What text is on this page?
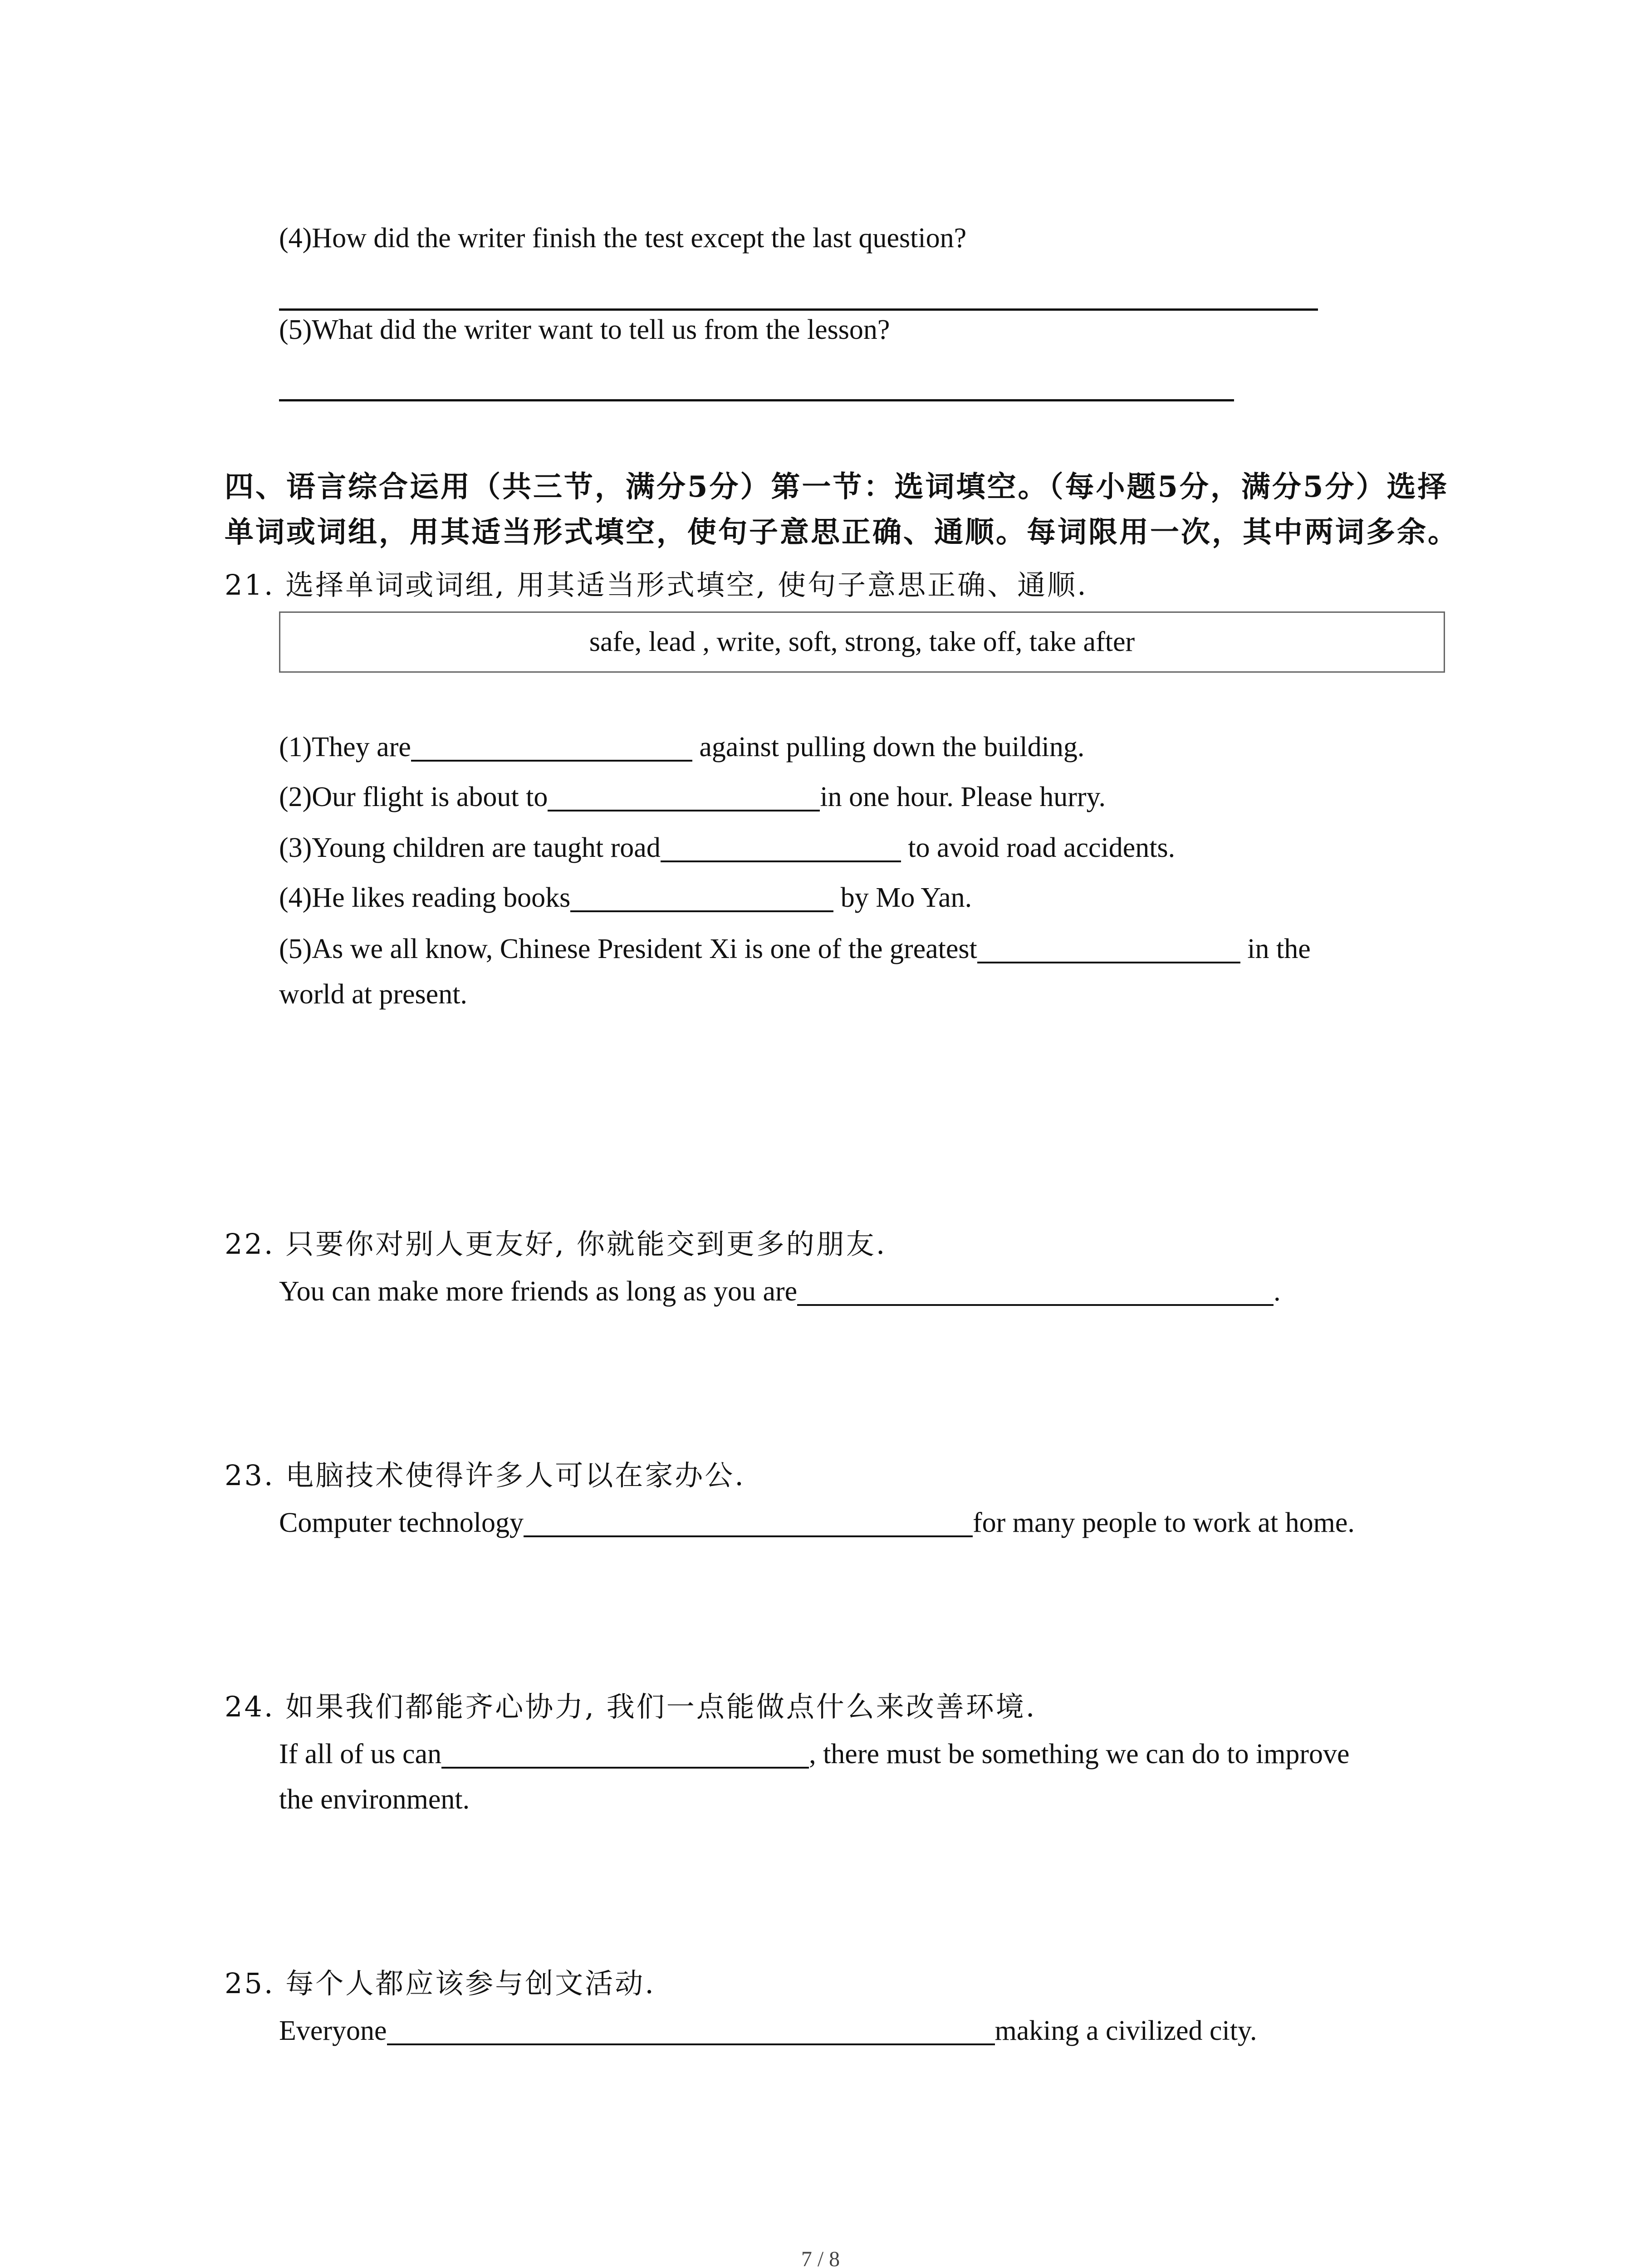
(4)How did the writer finish the test except the last question?
(5)What did the writer want to tell us from the lesson?
四、语言综合运用（共三节，满分5分）第一节：选词填空。（每小题5分，满分5分）选择
单词或词组，用其适当形式填空，使句子意思正确、通顺。每词限用一次，其中两词多余。
21. 选择单词或词组, 用其适当形式填空, 使句子意思正确、通顺.
safe, lead , write, soft, strong, take off, take after
(1)They are	against pulling down the building.
(2)Our flight is about to	in one hour. Please hurry.
(3)Young children are taught road	to avoid road accidents.
(4)He likes reading books	by Mo Yan.
(5)As we all know, Chinese President Xi is one of the greatest	in the
world at present.
22. 只要你对别人更友好, 你就能交到更多的朋友.
You can make more friends as long as you are	.
23. 电脑技术使得许多人可以在家办公.
Computer technology	for many people to work at home.
24. 如果我们都能齐心协力, 我们一点能做点什么来改善环境.
If all of us can	, there must be something we can do to improve
the environment.
25. 每个人都应该参与创文活动.
Everyone	making a civilized city.
7 / 8
